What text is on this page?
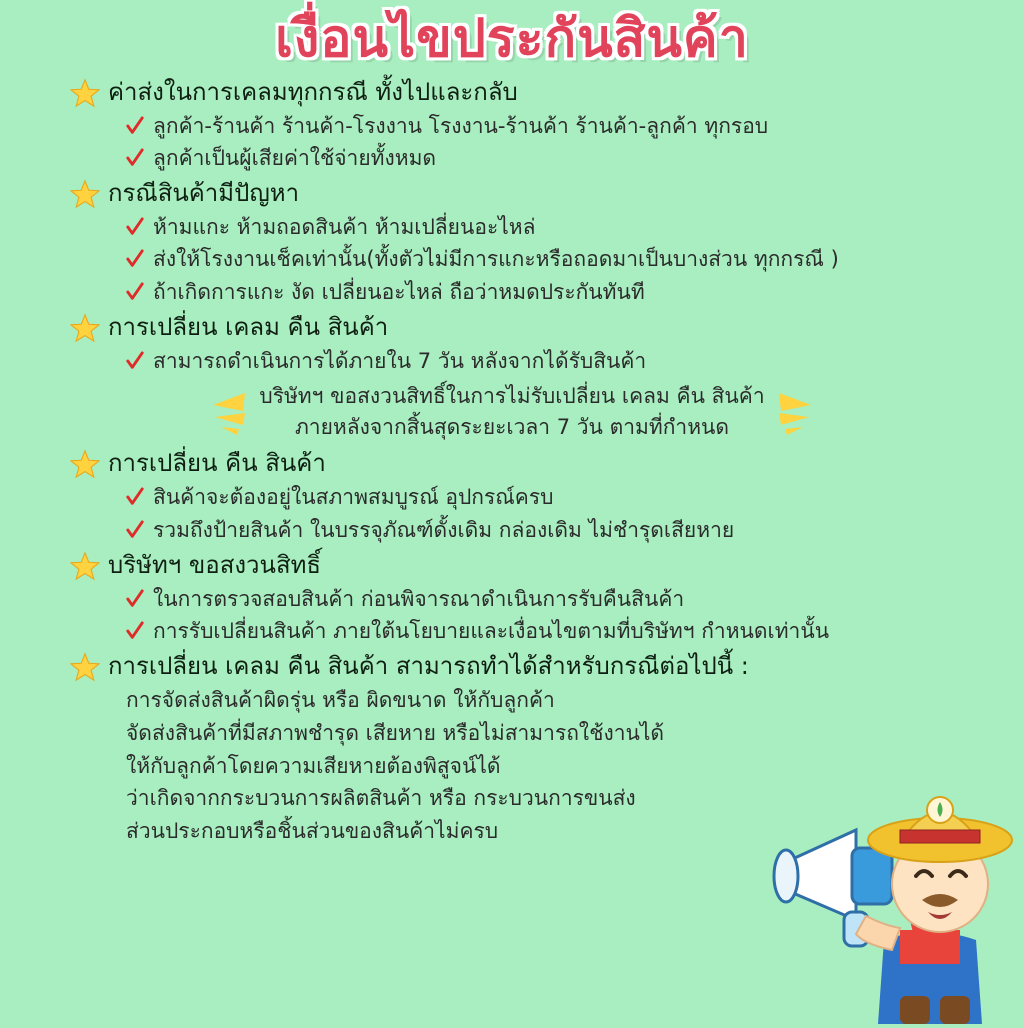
เงื่อนไขประกันสินค้า
ค่าส่งในการเคลมทุกกรณี ทั้งไปและกลับ
ลูกค้า-ร้านค้า ร้านค้า-โรงงาน โรงงาน-ร้านค้า ร้านค้า-ลูกค้า ทุกรอบ
ลูกค้าเป็นผู้เสียค่าใช้จ่ายทั้งหมด
กรณีสินค้ามีปัญหา
ห้ามแกะ ห้ามถอดสินค้า ห้ามเปลี่ยนอะไหล่
ส่งให้โรงงานเช็คเท่านั้น(ทั้งตัวไม่มีการแกะหรือถอดมาเป็นบางส่วน ทุกกรณี )
ถ้าเกิดการแกะ งัด เปลี่ยนอะไหล่ ถือว่าหมดประกันทันที
การเปลี่ยน เคลม คืน สินค้า
สามารถดำเนินการได้ภายใน 7 วัน หลังจากได้รับสินค้า
บริษัทฯ ขอสงวนสิทธิ์ในการไม่รับเปลี่ยน เคลม คืน สินค้า
ภายหลังจากสิ้นสุดระยะเวลา 7 วัน ตามที่กำหนด
การเปลี่ยน คืน สินค้า
สินค้าจะต้องอยู่ในสภาพสมบูรณ์ อุปกรณ์ครบ
รวมถึงป้ายสินค้า ในบรรจุภัณฑ์ดั้งเดิม กล่องเดิม ไม่ชำรุดเสียหาย
บริษัทฯ ขอสงวนสิทธิ์
ในการตรวจสอบสินค้า ก่อนพิจารณาดำเนินการรับคืนสินค้า
การรับเปลี่ยนสินค้า ภายใต้นโยบายและเงื่อนไขตามที่บริษัทฯ กำหนดเท่านั้น
การเปลี่ยน เคลม คืน สินค้า สามารถทำได้สำหรับกรณีต่อไปนี้ :
การจัดส่งสินค้าผิดรุ่น หรือ ผิดขนาด ให้กับลูกค้า
จัดส่งสินค้าที่มีสภาพชำรุด เสียหาย หรือไม่สามารถใช้งานได้
ให้กับลูกค้าโดยความเสียหายต้องพิสูจน์ได้
ว่าเกิดจากกระบวนการผลิตสินค้า หรือ กระบวนการขนส่ง
ส่วนประกอบหรือชิ้นส่วนของสินค้าไม่ครบ
